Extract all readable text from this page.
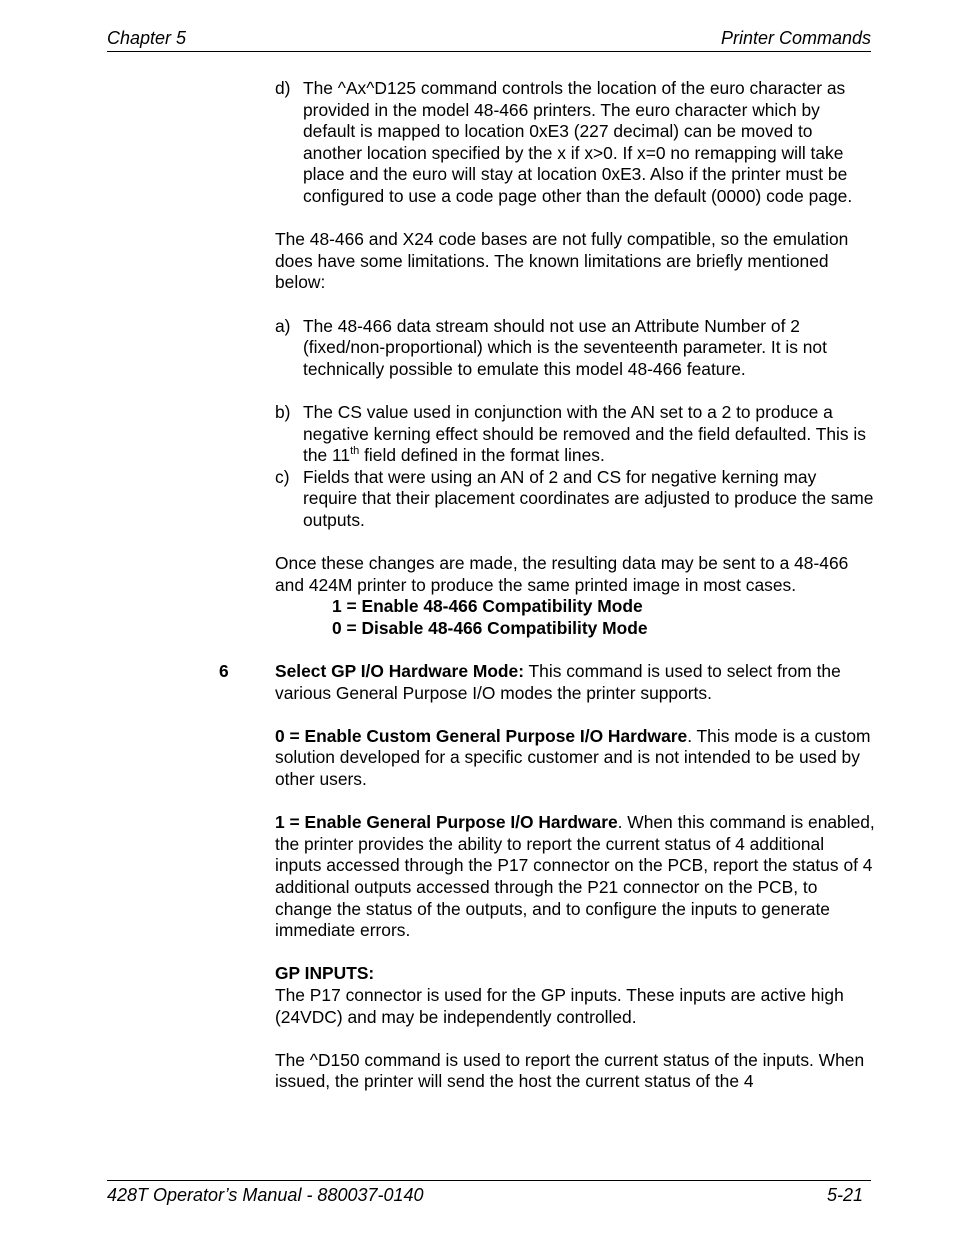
Chapter 5	Printer Commands
d) The ^Ax^D125 command controls the location of the euro character as provided in the model 48-466 printers. The euro character which by default is mapped to location 0xE3 (227 decimal) can be moved to another location specified by the x if x>0. If x=0 no remapping will take place and the euro will stay at location 0xE3. Also if the printer must be configured to use a code page other than the default (0000) code page.

The 48-466 and X24 code bases are not fully compatible, so the emulation does have some limitations. The known limitations are briefly mentioned below:

a) The 48-466 data stream should not use an Attribute Number of 2 (fixed/non-proportional) which is the seventeenth parameter. It is not technically possible to emulate this model 48-466 feature.

b) The CS value used in conjunction with the AN set to a 2 to produce a negative kerning effect should be removed and the field defaulted. This is the 11th field defined in the format lines.

c) Fields that were using an AN of 2 and CS for negative kerning may require that their placement coordinates are adjusted to produce the same outputs.

Once these changes are made, the resulting data may be sent to a 48-466 and 424M printer to produce the same printed image in most cases.

1 = Enable 48-466 Compatibility Mode

0 = Disable 48-466 Compatibility Mode

6	Select GP I/O Hardware Mode: This command is used to select from the various General Purpose I/O modes the printer supports.

0 = Enable Custom General Purpose I/O Hardware. This mode is a custom solution developed for a specific customer and is not intended to be used by other users.

1 = Enable General Purpose I/O Hardware. When this command is enabled, the printer provides the ability to report the current status of 4 additional inputs accessed through the P17 connector on the PCB, report the status of 4 additional outputs accessed through the P21 connector on the PCB, to change the status of the outputs, and to configure the inputs to generate immediate errors.

GP INPUTS:

The P17 connector is used for the GP inputs. These inputs are active high (24VDC) and may be independently controlled.

The ^D150 command is used to report the current status of the inputs. When issued, the printer will send the host the current status of the 4

428T Operator’s Manual - 880037-0140	5-21
